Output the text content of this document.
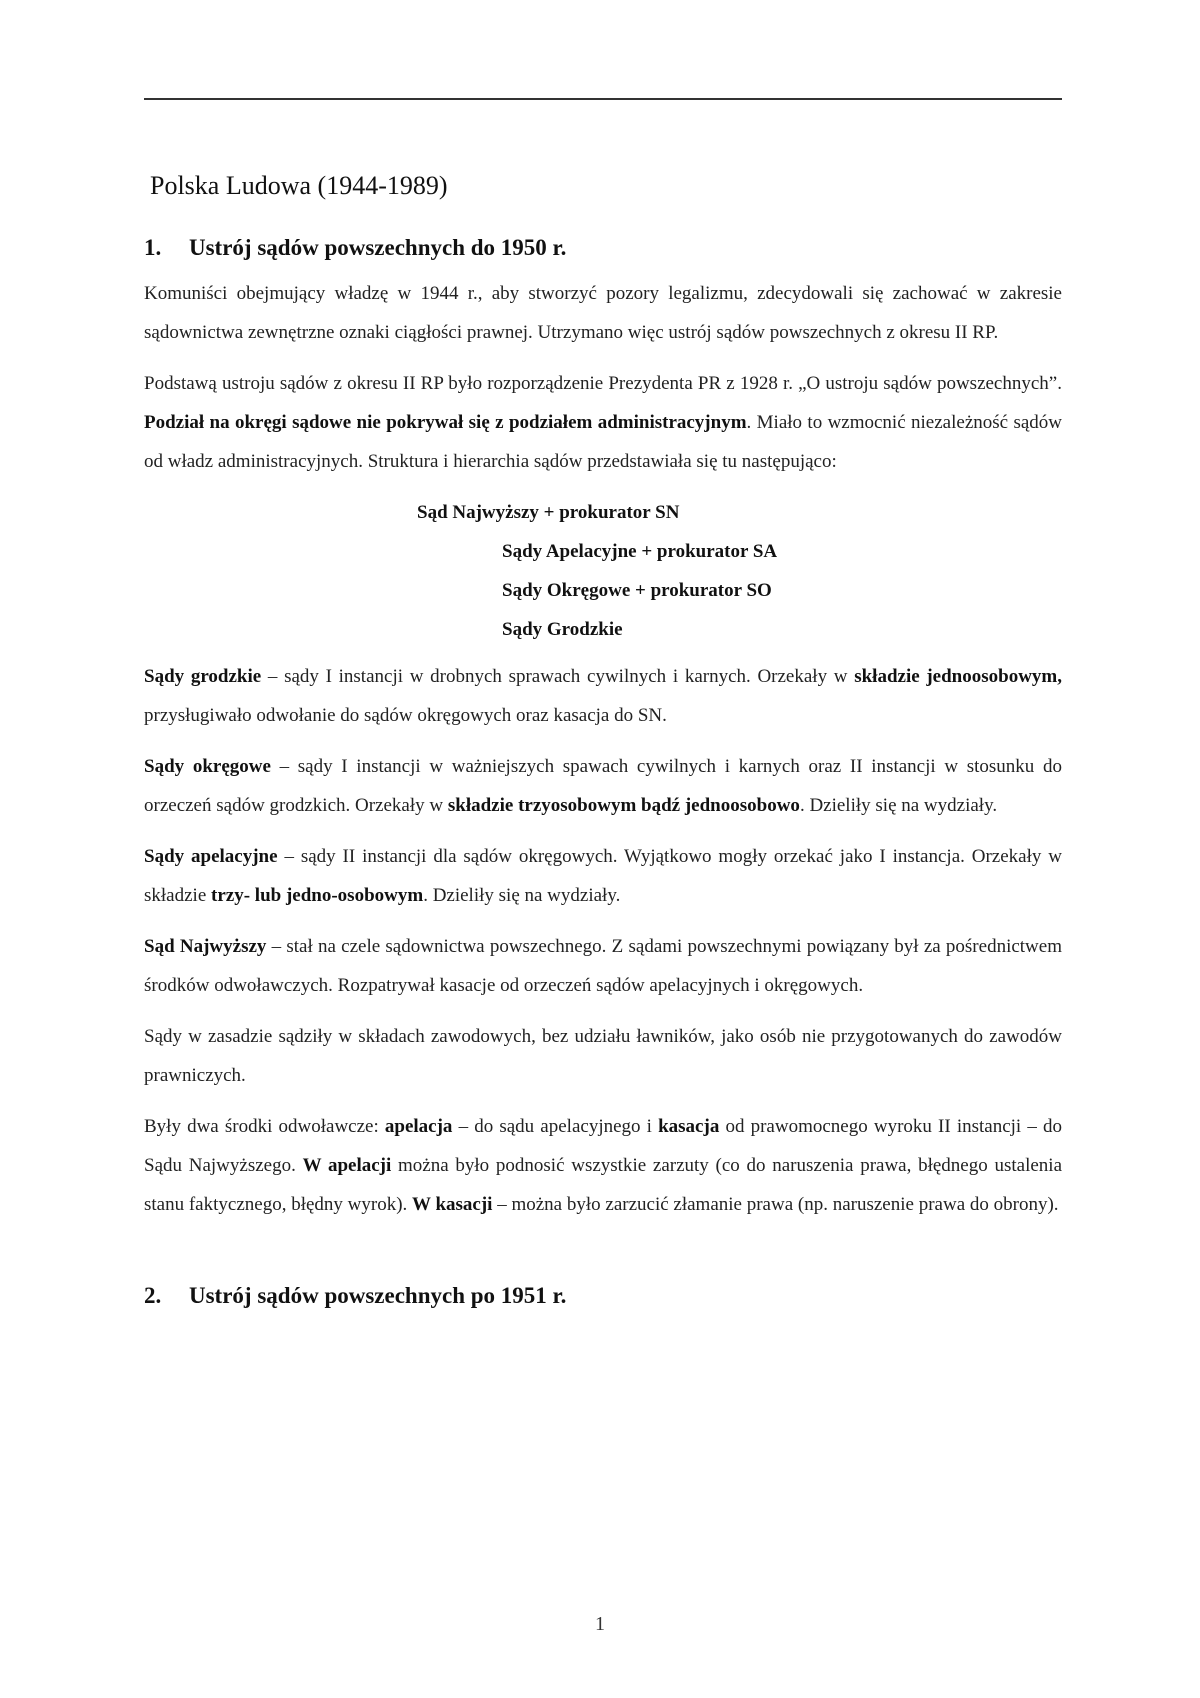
Polska Ludowa (1944-1989)
1.	Ustrój sądów powszechnych do 1950 r.

Komuniści obejmujący władzę w 1944 r., aby stworzyć pozory legalizmu, zdecydowali się zachować w zakresie sądownictwa zewnętrzne oznaki ciągłości prawnej. Utrzymano więc ustrój sądów powszechnych z okresu II RP.

Podstawą ustroju sądów z okresu II RP było rozporządzenie Prezydenta PR z 1928 r. „O ustroju sądów powszechnych”. Podział na okręgi sądowe nie pokrywał się z podziałem administracyjnym. Miało to wzmocnić niezależność sądów od władz administracyjnych. Struktura i hierarchia sądów przedstawiała się tu następująco:

Sąd Najwyższy + prokurator SN
Sądy Apelacyjne + prokurator SA
Sądy Okręgowe + prokurator SO
Sądy Grodzkie

Sądy grodzkie – sądy I instancji w drobnych sprawach cywilnych i karnych. Orzekały w składzie jednoosobowym, przysługiwało odwołanie do sądów okręgowych oraz kasacja do SN.

Sądy okręgowe – sądy I instancji w ważniejszych spawach cywilnych i karnych oraz II instancji w stosunku do orzeczeń sądów grodzkich. Orzekały w składzie trzyosobowym bądź jednoosobowo. Dzieliły się na wydziały.

Sądy apelacyjne – sądy II instancji dla sądów okręgowych. Wyjątkowo mogły orzekać jako I instancja. Orzekały w składzie trzy- lub jedno-osobowym. Dzieliły się na wydziały.

Sąd Najwyższy – stał na czele sądownictwa powszechnego. Z sądami powszechnymi powiązany był za pośrednictwem środków odwoławczych. Rozpatrywał kasacje od orzeczeń sądów apelacyjnych i okręgowych.

Sądy w zasadzie sądziły w składach zawodowych, bez udziału ławników, jako osób nie przygotowanych do zawodów prawniczych.

Były dwa środki odwoławcze: apelacja – do sądu apelacyjnego i kasacja od prawomocnego wyroku II instancji – do Sądu Najwyższego. W apelacji można było podnosić wszystkie zarzuty (co do naruszenia prawa, błędnego ustalenia stanu faktycznego, błędny wyrok). W kasacji – można było zarzucić złamanie prawa (np. naruszenie prawa do obrony).

2.	Ustrój sądów powszechnych po 1951 r.
1
